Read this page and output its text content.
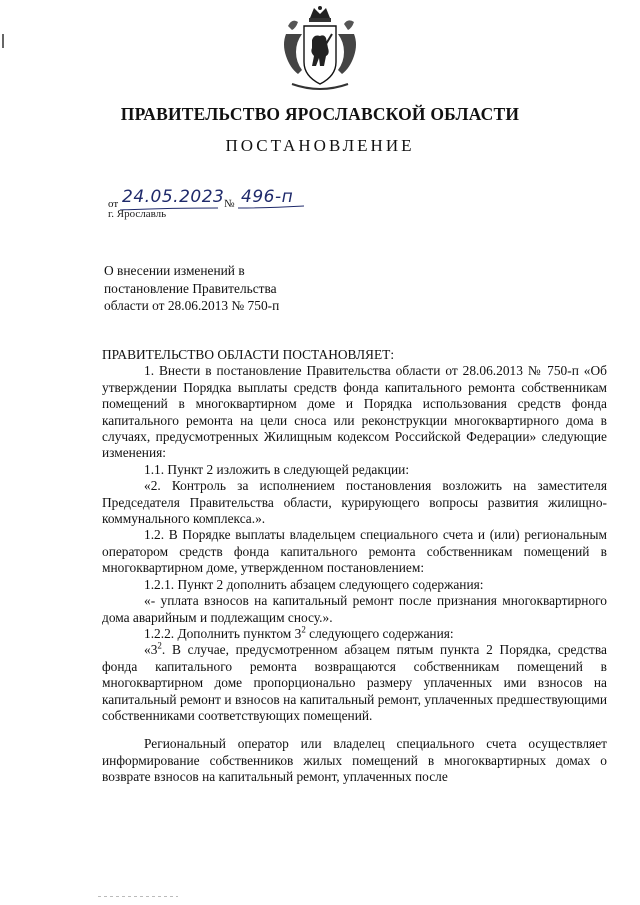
ПРАВИТЕЛЬСТВО ЯРОСЛАВСКОЙ ОБЛАСТИ
ПОСТАНОВЛЕНИЕ
от 24.05.2023 № 496-п
г. Ярославль
О внесении изменений в
постановление Правительства
области от 28.06.2013 № 750-п

ПРАВИТЕЛЬСТВО ОБЛАСТИ ПОСТАНОВЛЯЕТ:

1. Внести в постановление Правительства области от 28.06.2013 № 750-п «Об утверждении Порядка выплаты средств фонда капитального ремонта собственникам помещений в многоквартирном доме и Порядка использования средств фонда капитального ремонта на цели сноса или реконструкции многоквартирного дома в случаях, предусмотренных Жилищным кодексом Российской Федерации» следующие изменения:

1.1. Пункт 2 изложить в следующей редакции:

«2. Контроль за исполнением постановления возложить на заместителя Председателя Правительства области, курирующего вопросы развития жилищно-коммунального комплекса.».

1.2. В Порядке выплаты владельцем специального счета и (или) региональным оператором средств фонда капитального ремонта собственникам помещений в многоквартирном доме, утвержденном постановлением:

1.2.1. Пункт 2 дополнить абзацем следующего содержания:

«- уплата взносов на капитальный ремонт после признания многоквартирного дома аварийным и подлежащим сносу.».

1.2.2. Дополнить пунктом $3^2$ следующего содержания:

«$3^2$. В случае, предусмотренном абзацем пятым пункта 2 Порядка, средства фонда капитального ремонта возвращаются собственникам помещений в многоквартирном доме пропорционально размеру уплаченных ими взносов на капитальный ремонт и взносов на капитальный ремонт, уплаченных предшествующими собственниками соответствующих помещений.

Региональный оператор или владелец специального счета осуществляет информирование собственников жилых помещений в многоквартирных домах о возврате взносов на капитальный ремонт, уплаченных после
